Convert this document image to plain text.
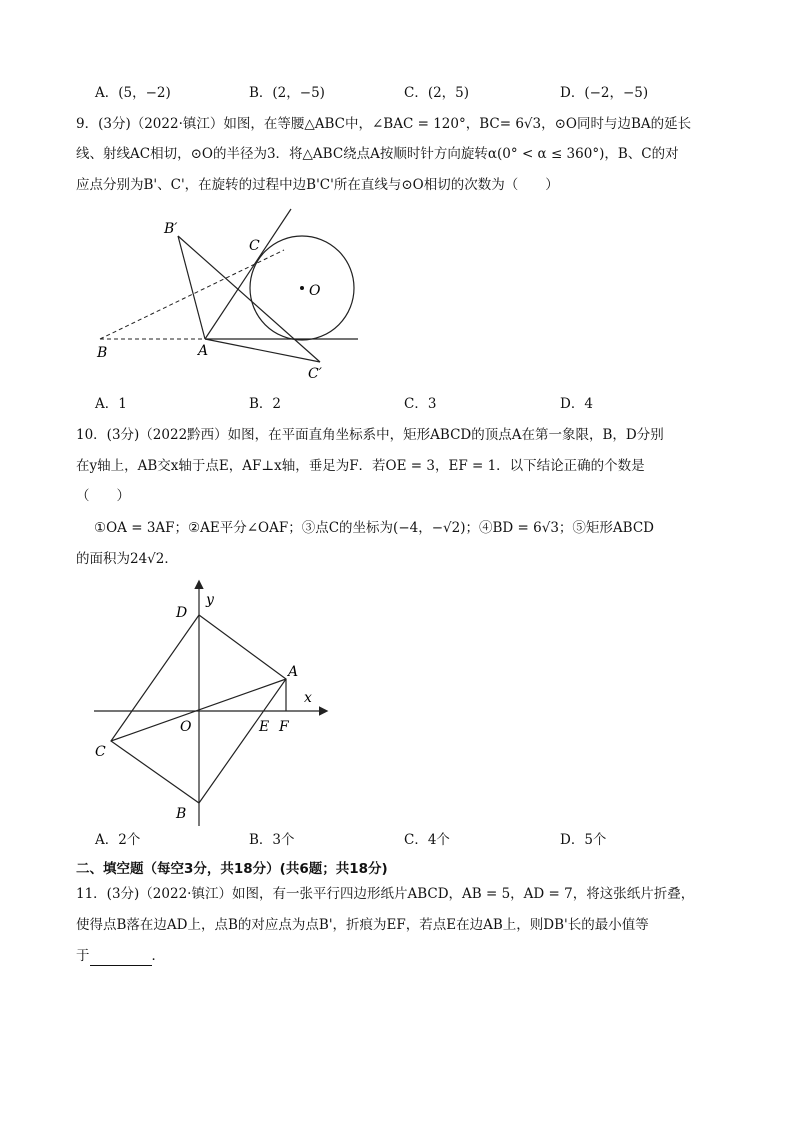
A．(5，−2)	B．(2，−5)	C．(2，5)	D．(−2，−5)
9．(3分)（2022·镇江）如图，在等腰△ABC中，∠BAC = 120°，BC= 6√3，⊙O同时与边BA的延长
线、射线AC相切，⊙O的半径为3．将△ABC绕点A按顺时针方向旋转α(0° < α ≤ 360°)，B、C的对
应点分别为B'、C'，在旋转的过程中边B'C'所在直线与⊙O相切的次数为（　　）
B′
C
O
B	A
C′
A．1	B．2	C．3	D．4
10．(3分)（2022黔西）如图，在平面直角坐标系中，矩形ABCD的顶点A在第一象限，B，D分别
在y轴上，AB交x轴于点E，AF⊥x轴，垂足为F．若OE = 3，EF = 1．以下结论正确的个数是
（　　）
①OA = 3AF；②AE平分∠OAF；③点C的坐标为(−4，−√2)；④BD = 6√3；⑤矩形ABCD
的面积为24√2．
y
D
A
x
O	E F
C
B
A．2个	B．3个	C．4个	D．5个
二、填空题（每空3分，共18分）(共6题；共18分)
11．(3分)（2022·镇江）如图，有一张平行四边形纸片ABCD，AB = 5，AD = 7，将这张纸片折叠，
使得点B落在边AD上，点B的对应点为点B'，折痕为EF，若点E在边AB上，则DB'长的最小值等
于	．
